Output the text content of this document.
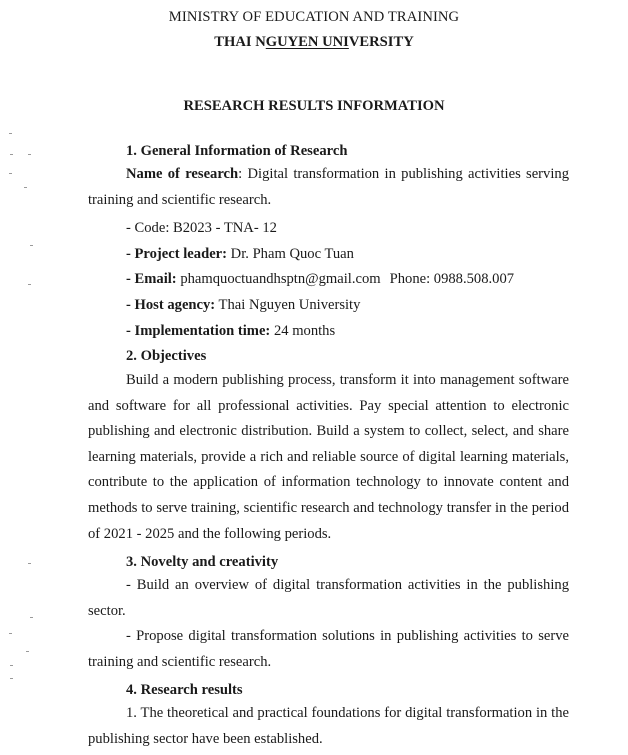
MINISTRY OF EDUCATION AND TRAINING
THAI NGUYEN UNIVERSITY
RESEARCH RESULTS INFORMATION
1. General Information of Research
Name of research: Digital transformation in publishing activities serving training and scientific research.
- Code: B2023 - TNA- 12
- Project leader: Dr. Pham Quoc Tuan
- Email: phamquoctuandhsptn@gmail.com Phone: 0988.508.007
- Host agency: Thai Nguyen University
- Implementation time: 24 months
2. Objectives
Build a modern publishing process, transform it into management software and software for all professional activities. Pay special attention to electronic publishing and electronic distribution. Build a system to collect, select, and share learning materials, provide a rich and reliable source of digital learning materials, contribute to the application of information technology to innovate content and methods to serve training, scientific research and technology transfer in the period of 2021 - 2025 and the following periods.
3. Novelty and creativity
- Build an overview of digital transformation activities in the publishing sector.
- Propose digital transformation solutions in publishing activities to serve training and scientific research.
4. Research results
1. The theoretical and practical foundations for digital transformation in the publishing sector have been established.
